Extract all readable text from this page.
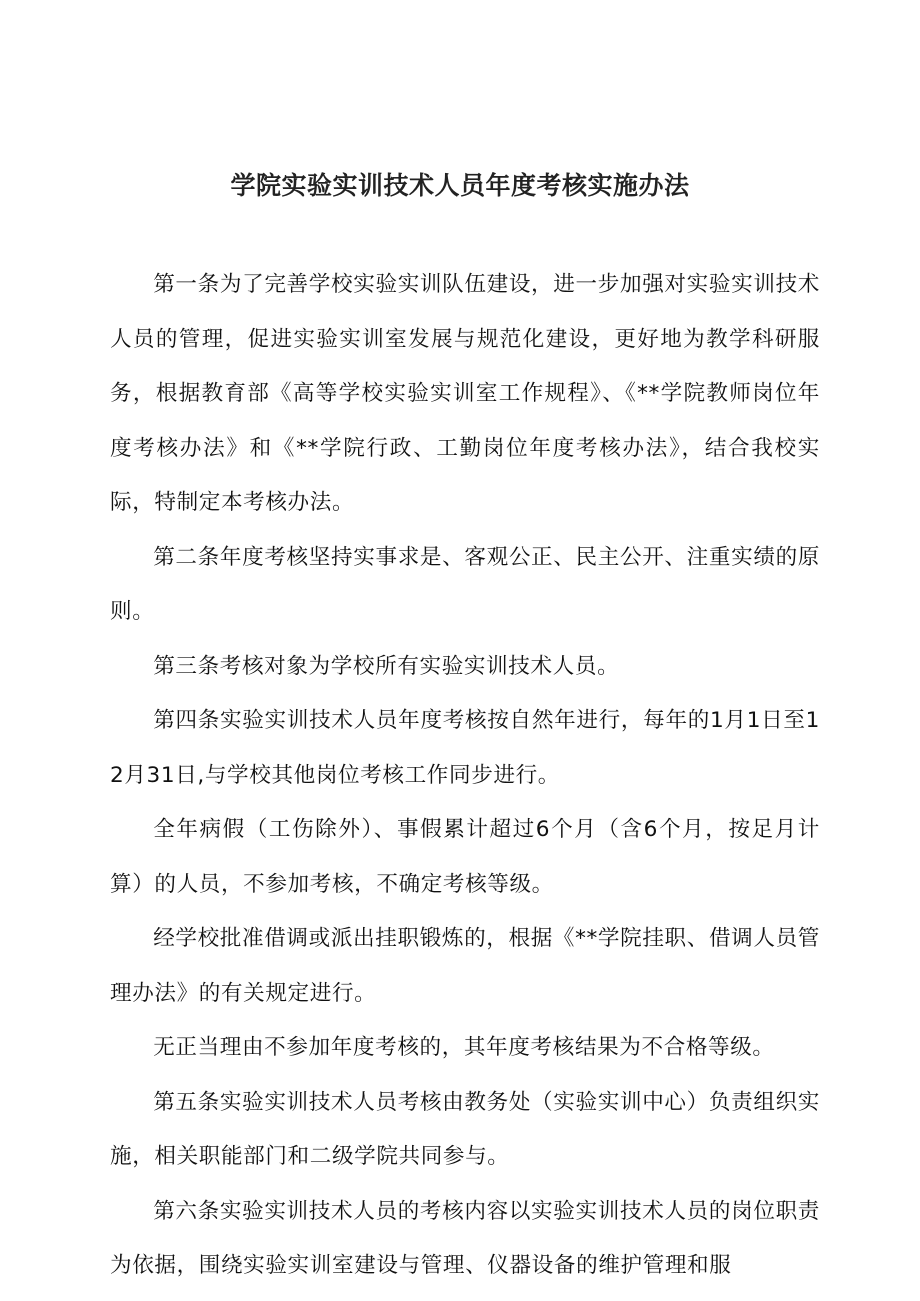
学院实验实训技术人员年度考核实施办法

第一条为了完善学校实验实训队伍建设，进一步加强对实验实训技术人员的管理，促进实验实训室发展与规范化建设，更好地为教学科研服务，根据教育部《高等学校实验实训室工作规程》、《**学院教师岗位年度考核办法》和《**学院行政、工勤岗位年度考核办法》，结合我校实际，特制定本考核办法。

第二条年度考核坚持实事求是、客观公正、民主公开、注重实绩的原则。

第三条考核对象为学校所有实验实训技术人员。

第四条实验实训技术人员年度考核按自然年进行，每年的1月1日至12月31日,与学校其他岗位考核工作同步进行。

全年病假（工伤除外）、事假累计超过6个月（含6个月，按足月计算）的人员，不参加考核，不确定考核等级。

经学校批准借调或派出挂职锻炼的，根据《**学院挂职、借调人员管理办法》的有关规定进行。

无正当理由不参加年度考核的，其年度考核结果为不合格等级。

第五条实验实训技术人员考核由教务处（实验实训中心）负责组织实施，相关职能部门和二级学院共同参与。

第六条实验实训技术人员的考核内容以实验实训技术人员的岗位职责为依据，围绕实验实训室建设与管理、仪器设备的维护管理和服
